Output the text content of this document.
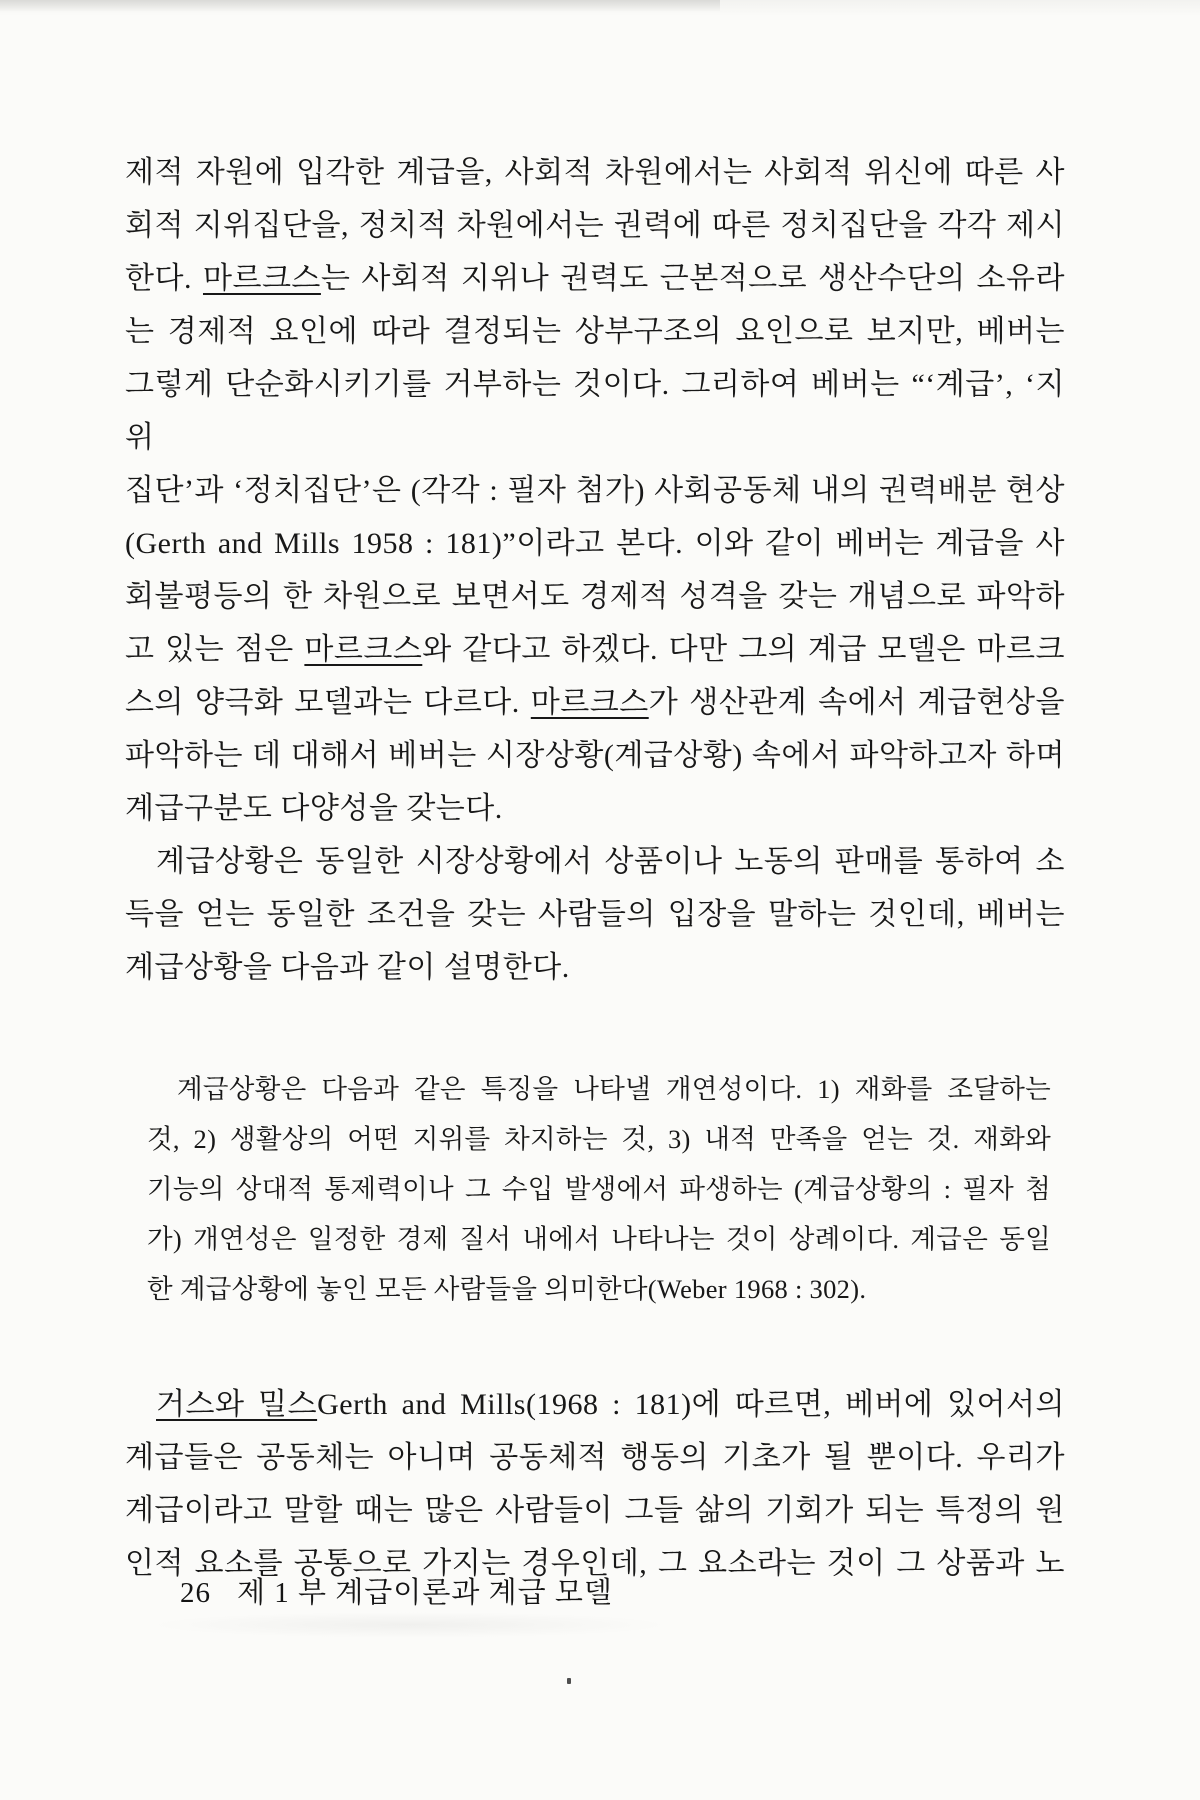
제적 자원에 입각한 계급을, 사회적 차원에서는 사회적 위신에 따른 사
회적 지위집단을, 정치적 차원에서는 권력에 따른 정치집단을 각각 제시
한다. 마르크스는 사회적 지위나 권력도 근본적으로 생산수단의 소유라
는 경제적 요인에 따라 결정되는 상부구조의 요인으로 보지만, 베버는
그렇게 단순화시키기를 거부하는 것이다. 그리하여 베버는 “‘계급’, ‘지위
집단’과 ‘정치집단’은 (각각 : 필자 첨가) 사회공동체 내의 권력배분 현상
(Gerth and Mills 1958 : 181)”이라고 본다. 이와 같이 베버는 계급을 사
회불평등의 한 차원으로 보면서도 경제적 성격을 갖는 개념으로 파악하
고 있는 점은 마르크스와 같다고 하겠다. 다만 그의 계급 모델은 마르크
스의 양극화 모델과는 다르다. 마르크스가 생산관계 속에서 계급현상을
파악하는 데 대해서 베버는 시장상황(계급상황) 속에서 파악하고자 하며
계급구분도 다양성을 갖는다.
계급상황은 동일한 시장상황에서 상품이나 노동의 판매를 통하여 소
득을 얻는 동일한 조건을 갖는 사람들의 입장을 말하는 것인데, 베버는
계급상황을 다음과 같이 설명한다.
계급상황은 다음과 같은 특징을 나타낼 개연성이다. 1) 재화를 조달하는
것, 2) 생활상의 어떤 지위를 차지하는 것, 3) 내적 만족을 얻는 것. 재화와
기능의 상대적 통제력이나 그 수입 발생에서 파생하는 (계급상황의 : 필자 첨
가) 개연성은 일정한 경제 질서 내에서 나타나는 것이 상례이다. 계급은 동일
한 계급상황에 놓인 모든 사람들을 의미한다(Weber 1968 : 302).
거스와 밀스Gerth and Mills(1968 : 181)에 따르면, 베버에 있어서의
계급들은 공동체는 아니며 공동체적 행동의 기초가 될 뿐이다. 우리가
계급이라고 말할 때는 많은 사람들이 그들 삶의 기회가 되는 특정의 원
인적 요소를 공통으로 가지는 경우인데, 그 요소라는 것이 그 상품과 노
26 제 1 부 계급이론과 계급 모델
